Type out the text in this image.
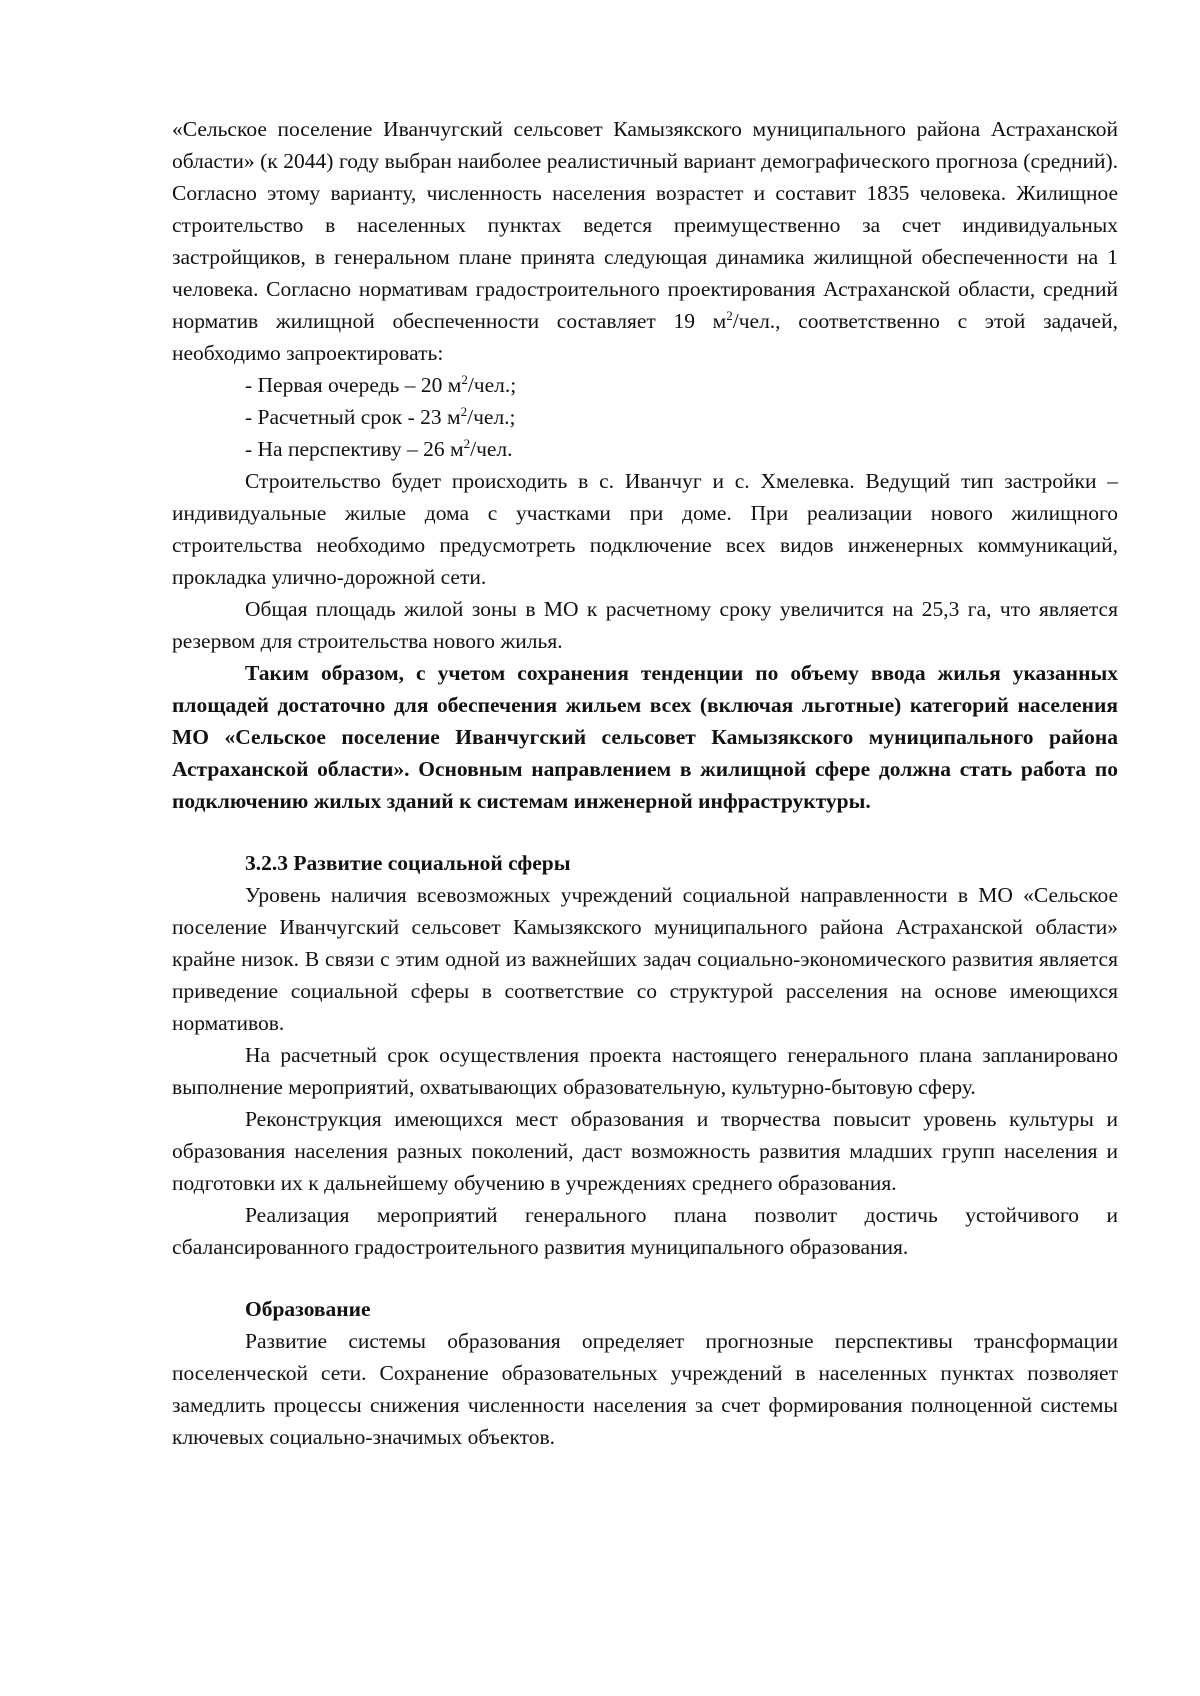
«Сельское поселение Иванчугский сельсовет Камызякского муниципального района Астраханской области» (к 2044) году выбран наиболее реалистичный вариант демографического прогноза (средний). Согласно этому варианту, численность населения возрастет и составит 1835 человека. Жилищное строительство в населенных пунктах ведется преимущественно за счет индивидуальных застройщиков, в генеральном плане принята следующая динамика жилищной обеспеченности на 1 человека. Согласно нормативам градостроительного проектирования Астраханской области, средний норматив жилищной обеспеченности составляет 19 $м^2$/чел., соответственно с этой задачей, необходимо запроектировать:

- Первая очередь – 20 $м^2$/чел.;

- Расчетный срок - 23 $м^2$/чел.;

- На перспективу – 26 $м^2$/чел.

Строительство будет происходить в с. Иванчуг и с. Хмелевка. Ведущий тип застройки – индивидуальные жилые дома с участками при доме. При реализации нового жилищного строительства необходимо предусмотреть подключение всех видов инженерных коммуникаций, прокладка улично-дорожной сети.

Общая площадь жилой зоны в МО к расчетному сроку увеличится на 25,3 га, что является резервом для строительства нового жилья.

Таким образом, с учетом сохранения тенденции по объему ввода жилья указанных площадей достаточно для обеспечения жильем всех (включая льготные) категорий населения МО «Сельское поселение Иванчугский сельсовет Камызякского муниципального района Астраханской области». Основным направлением в жилищной сфере должна стать работа по подключению жилых зданий к системам инженерной инфраструктуры.

3.2.3 Развитие социальной сферы

Уровень наличия всевозможных учреждений социальной направленности в МО «Сельское поселение Иванчугский сельсовет Камызякского муниципального района Астраханской области» крайне низок. В связи с этим одной из важнейших задач социально-экономического развития является приведение социальной сферы в соответствие со структурой расселения на основе имеющихся нормативов.

На расчетный срок осуществления проекта настоящего генерального плана запланировано выполнение мероприятий, охватывающих образовательную, культурно-бытовую сферу.

Реконструкция имеющихся мест образования и творчества повысит уровень культуры и образования населения разных поколений, даст возможность развития младших групп населения и подготовки их к дальнейшему обучению в учреждениях среднего образования.

Реализация мероприятий генерального плана позволит достичь устойчивого и сбалансированного градостроительного развития муниципального образования.

Образование

Развитие системы образования определяет прогнозные перспективы трансформации поселенческой сети. Сохранение образовательных учреждений в населенных пунктах позволяет замедлить процессы снижения численности населения за счет формирования полноценной системы ключевых социально-значимых объектов.
